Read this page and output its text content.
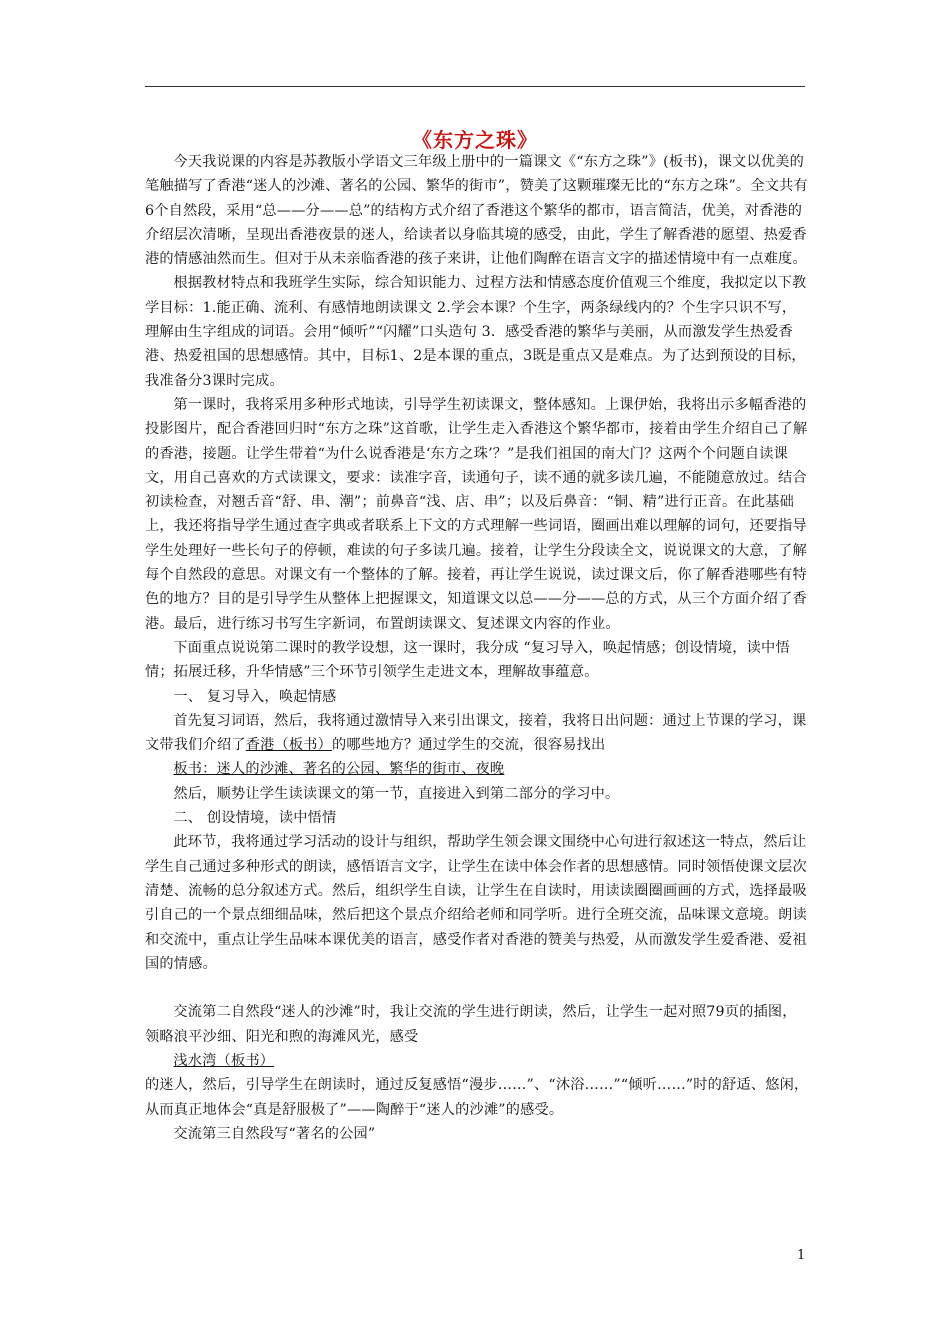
《东方之珠》

今天我说课的内容是苏教版小学语文三年级上册中的一篇课文《“东方之珠”》(板书)，课文以优美的笔触描写了香港“迷人的沙滩、著名的公园、繁华的街市”，赞美了这颗璀璨无比的“东方之珠”。全文共有6个自然段，采用“总——分——总”的结构方式介绍了香港这个繁华的都市，语言简洁，优美，对香港的介绍层次清晰，呈现出香港夜景的迷人，给读者以身临其境的感受，由此，学生了解香港的愿望、热爱香港的情感油然而生。但对于从未亲临香港的孩子来讲，让他们陶醉在语言文字的描述情境中有一点难度。

根据教材特点和我班学生实际，综合知识能力、过程方法和情感态度价值观三个维度，我拟定以下教学目标：1.能正确、流利、有感情地朗读课文 2.学会本课？个生字，两条绿线内的？个生字只识不写，理解由生字组成的词语。会用“倾听”“闪耀”口头造句 3．感受香港的繁华与美丽，从而激发学生热爱香港、热爱祖国的思想感情。其中，目标1、2是本课的重点，3既是重点又是难点。为了达到预设的目标，我准备分3课时完成。

第一课时，我将采用多种形式地读，引导学生初读课文，整体感知。上课伊始，我将出示多幅香港的投影图片，配合香港回归时“东方之珠”这首歌，让学生走入香港这个繁华都市，接着由学生介绍自己了解的香港，接题。让学生带着“为什么说香港是‘东方之珠’？”是我们祖国的南大门？这两个个问题自读课文，用自己喜欢的方式读课文，要求：读准字音，读通句子，读不通的就多读几遍，不能随意放过。结合初读检查，对翘舌音“舒、串、潮”；前鼻音“浅、店、串”；以及后鼻音：“铜、精”进行正音。在此基础上，我还将指导学生通过查字典或者联系上下文的方式理解一些词语，圈画出难以理解的词句，还要指导学生处理好一些长句子的停顿，难读的句子多读几遍。接着，让学生分段读全文，说说课文的大意，了解每个自然段的意思。对课文有一个整体的了解。接着，再让学生说说，读过课文后，你了解香港哪些有特色的地方？目的是引导学生从整体上把握课文，知道课文以总——分——总的方式，从三个方面介绍了香港。最后，进行练习书写生字新词，布置朗读课文、复述课文内容的作业。

下面重点说说第二课时的教学设想，这一课时，我分成 “复习导入，唤起情感；创设情境，读中悟情；拓展迁移，升华情感”三个环节引领学生走进文本，理解故事蕴意。

一、 复习导入，唤起情感

首先复习词语，然后，我将通过激情导入来引出课文，接着，我将日出问题：通过上节课的学习，课文带我们介绍了香港（板书）的哪些地方？通过学生的交流，很容易找出

板书：迷人的沙滩、著名的公园、繁华的街市、夜晚

然后，顺势让学生读读课文的第一节，直接进入到第二部分的学习中。

二、 创设情境，读中悟情

此环节，我将通过学习活动的设计与组织，帮助学生领会课文围绕中心句进行叙述这一特点，然后让学生自己通过多种形式的朗读，感悟语言文字，让学生在读中体会作者的思想感情。同时领悟使课文层次清楚、流畅的总分叙述方式。然后，组织学生自读，让学生在自读时，用读读圈圈画画的方式，选择最吸引自己的一个景点细细品味，然后把这个景点介绍给老师和同学听。进行全班交流，品味课文意境。朗读和交流中，重点让学生品味本课优美的语言，感受作者对香港的赞美与热爱，从而激发学生爱香港、爱祖国的情感。

交流第二自然段“迷人的沙滩”时，我让交流的学生进行朗读，然后，让学生一起对照79页的插图，领略浪平沙细、阳光和煦的海滩风光，感受

浅水湾（板书）

的迷人，然后，引导学生在朗读时，通过反复感悟“漫步……”、“沐浴……”“倾听……”时的舒适、悠闲，从而真正地体会“真是舒服极了”——陶醉于“迷人的沙滩”的感受。

交流第三自然段写“著名的公园”

1
